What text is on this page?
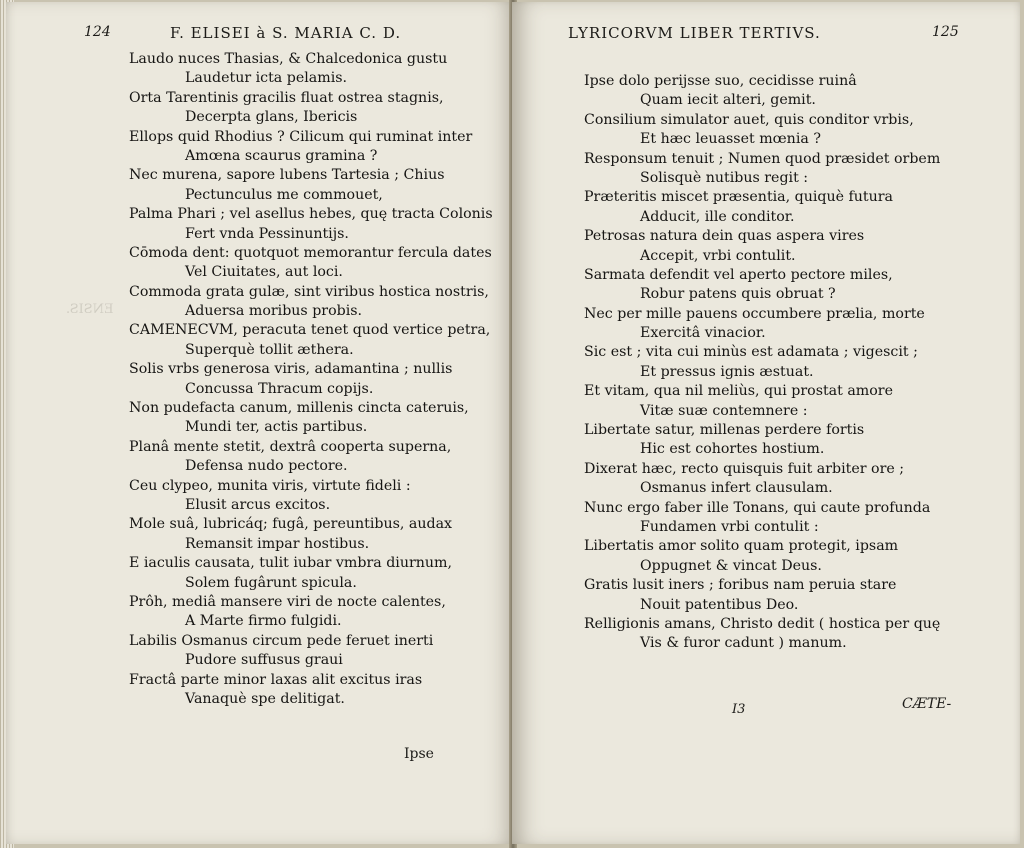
ENSIS.
124	F. ELISEI à S. MARIA C. D.
Laudo nuces Thasias, & Chalcedonica gustu
Laudetur icta pelamis.
Orta Tarentinis gracilis fluat ostrea stagnis,
Decerpta glans, Ibericis
Ellops quid Rhodius ? Cilicum qui ruminat inter
Amœna scaurus gramina ?
Nec murena, sapore lubens Tartesia ; Chius
Pectunculus me commouet,
Palma Phari ; vel asellus hebes, quę tracta Colonis
Fert vnda Pessinuntijs.
Cōmoda dent: quotquot memorantur fercula dates
Vel Ciuitates, aut loci.
Commoda grata gulæ, sint viribus hostica nostris,
Aduersa moribus probis.
CAMENECVM, peracuta tenet quod vertice petra,
Superquè tollit æthera.
Solis vrbs generosa viris, adamantina ; nullis
Concussa Thracum copijs.
Non pudefacta canum, millenis cincta cateruis,
Mundi ter, actis partibus.
Planâ mente stetit, dextrâ cooperta superna,
Defensa nudo pectore.
Ceu clypeo, munita viris, virtute fideli :
Elusit arcus excitos.
Mole suâ, lubricáq; fugâ, pereuntibus, audax
Remansit impar hostibus.
E iaculis causata, tulit iubar vmbra diurnum,
Solem fugârunt spicula.
Prôh, mediâ mansere viri de nocte calentes,
A Marte firmo fulgidi.
Labilis Osmanus circum pede feruet inerti
Pudore suffusus graui
Fractâ parte minor laxas alit excitus iras
Vanaquè spe delitigat.
Ipse
LYRICORVM LIBER TERTIVS.	125
Ipse dolo perijsse suo, cecidisse ruinâ
Quam iecit alteri, gemit.
Consilium simulator auet, quis conditor vrbis,
Et hæc leuasset mœnia ?
Responsum tenuit ; Numen quod præsidet orbem
Solisquè nutibus regit :
Præteritis miscet præsentia, quiquè futura
Adducit, ille conditor.
Petrosas natura dein quas aspera vires
Accepit, vrbi contulit.
Sarmata defendit vel aperto pectore miles,
Robur patens quis obruat ?
Nec per mille pauens occumbere prælia, morte
Exercitâ vinacior.
Sic est ; vita cui minùs est adamata ; vigescit ;
Et pressus ignis æstuat.
Et vitam, qua nil meliùs, qui prostat amore
Vitæ suæ contemnere :
Libertate satur, millenas perdere fortis
Hic est cohortes hostium.
Dixerat hæc, recto quisquis fuit arbiter ore ;
Osmanus infert clausulam.
Nunc ergo faber ille Tonans, qui caute profunda
Fundamen vrbi contulit :
Libertatis amor solito quam protegit, ipsam
Oppugnet & vincat Deus.
Gratis lusit iners ; foribus nam peruia stare
Nouit patentibus Deo.
Relligionis amans, Christo dedit ( hostica per quę
Vis & furor cadunt ) manum.
I3	CÆTE-
